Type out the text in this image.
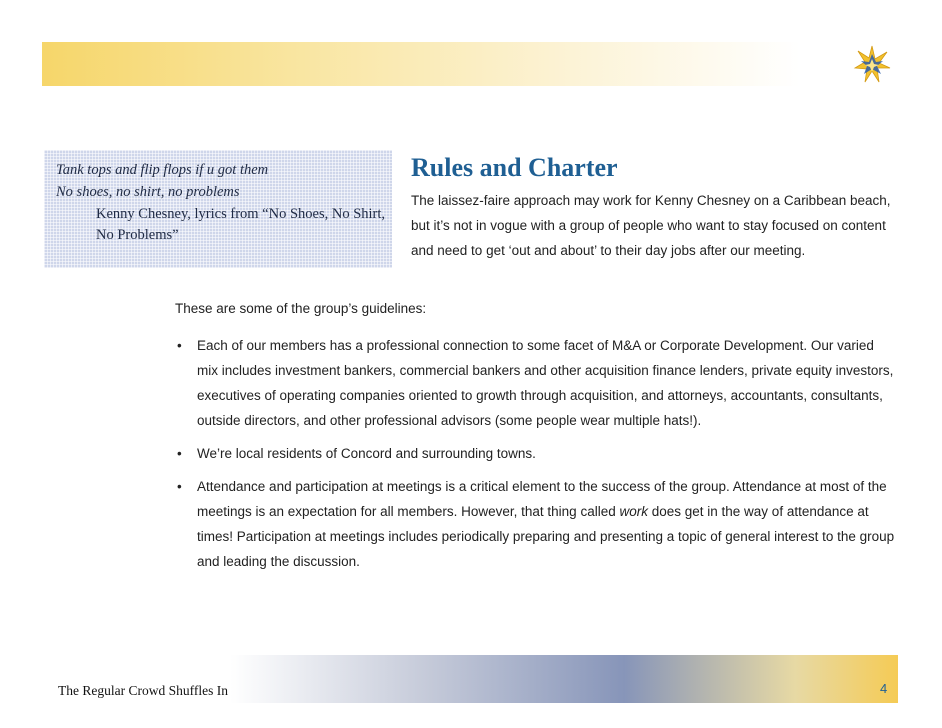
Tank tops and flip flops if u got them
No shoes, no shirt, no problems
Kenny Chesney, lyrics from “No Shoes, No Shirt, No Problems”
Rules and Charter
The laissez-faire approach may work for Kenny Chesney on a Caribbean beach, but it’s not in vogue with a group of people who want to stay focused on content and need to get ‘out and about’ to their day jobs after our meeting.
These are some of the group’s guidelines:
• Each of our members has a professional connection to some facet of M&A or Corporate Development. Our varied mix includes investment bankers, commercial bankers and other acquisition finance lenders, private equity investors, executives of operating companies oriented to growth through acquisition, and attorneys, accountants, consultants, outside directors, and other professional advisors (some people wear multiple hats!).
• We’re local residents of Concord and surrounding towns.
• Attendance and participation at meetings is a critical element to the success of the group. Attendance at most of the meetings is an expectation for all members. However, that thing called work does get in the way of attendance at times! Participation at meetings includes periodically preparing and presenting a topic of general interest to the group and leading the discussion.
The Regular Crowd Shuffles In	4
